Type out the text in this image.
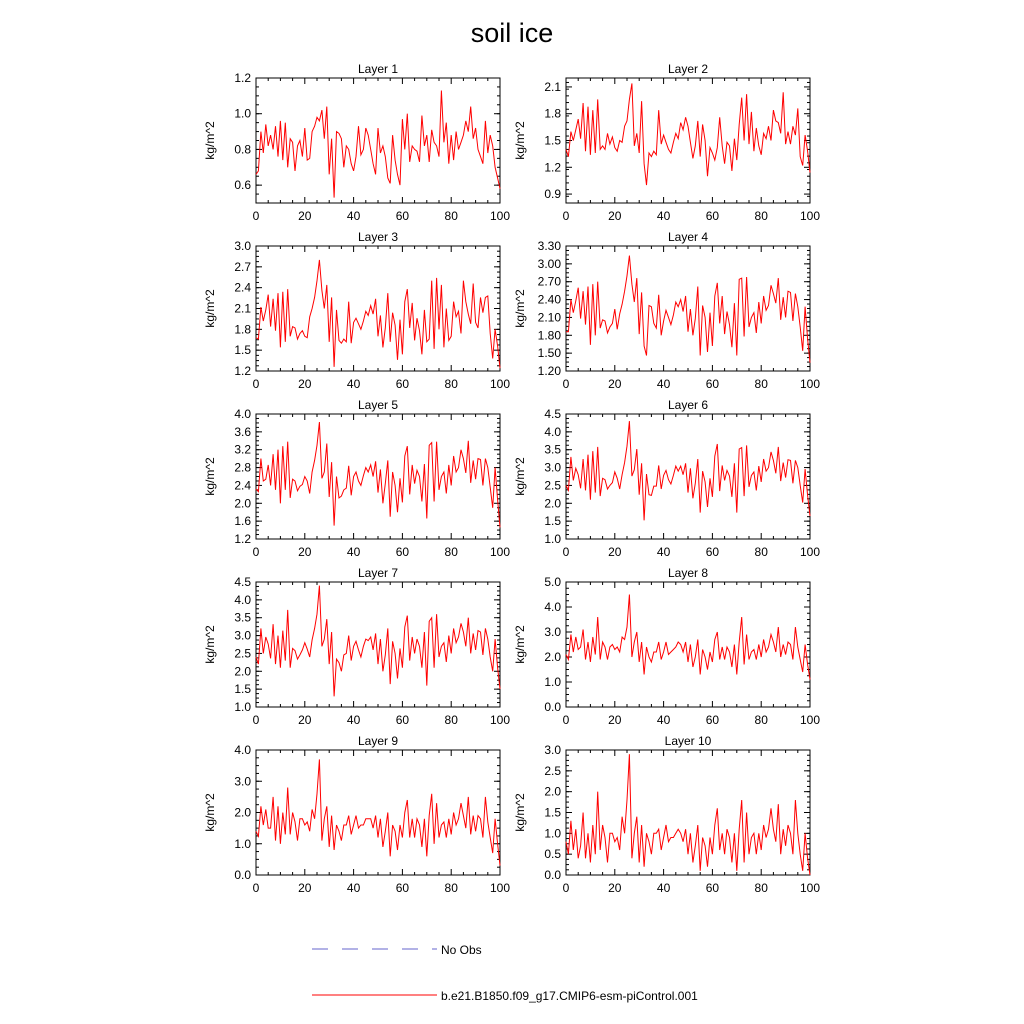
soil ice
Layer 1
0	20	40	60	80	100
0.6
0.8
1.0
1.2
kg/m^2
Layer 2
0	20	40	60	80	100
0.9
1.2
1.5
1.8
2.1
kg/m^2
Layer 3
0	20	40	60	80	100
1.2
1.5
1.8
2.1
2.4
2.7
3.0
kg/m^2
Layer 4
0	20	40	60	80	100
1.20
1.50
1.80
2.10
2.40
2.70
3.00
3.30
kg/m^2
Layer 5
0	20	40	60	80	100
1.2
1.6
2.0
2.4
2.8
3.2
3.6
4.0
kg/m^2
Layer 6
0	20	40	60	80	100
1.0
1.5
2.0
2.5
3.0
3.5
4.0
4.5
kg/m^2
Layer 7
0	20	40	60	80	100
1.0
1.5
2.0
2.5
3.0
3.5
4.0
4.5
kg/m^2
Layer 8
0	20	40	60	80	100
0.0
1.0
2.0
3.0
4.0
5.0
kg/m^2
Layer 9
0	20	40	60	80	100
0.0
1.0
2.0
3.0
4.0
kg/m^2
Layer 10
0	20	40	60	80	100
0.0
0.5
1.0
1.5
2.0
2.5
3.0
kg/m^2
No Obs
b.e21.B1850.f09_g17.CMIP6-esm-piControl.001
